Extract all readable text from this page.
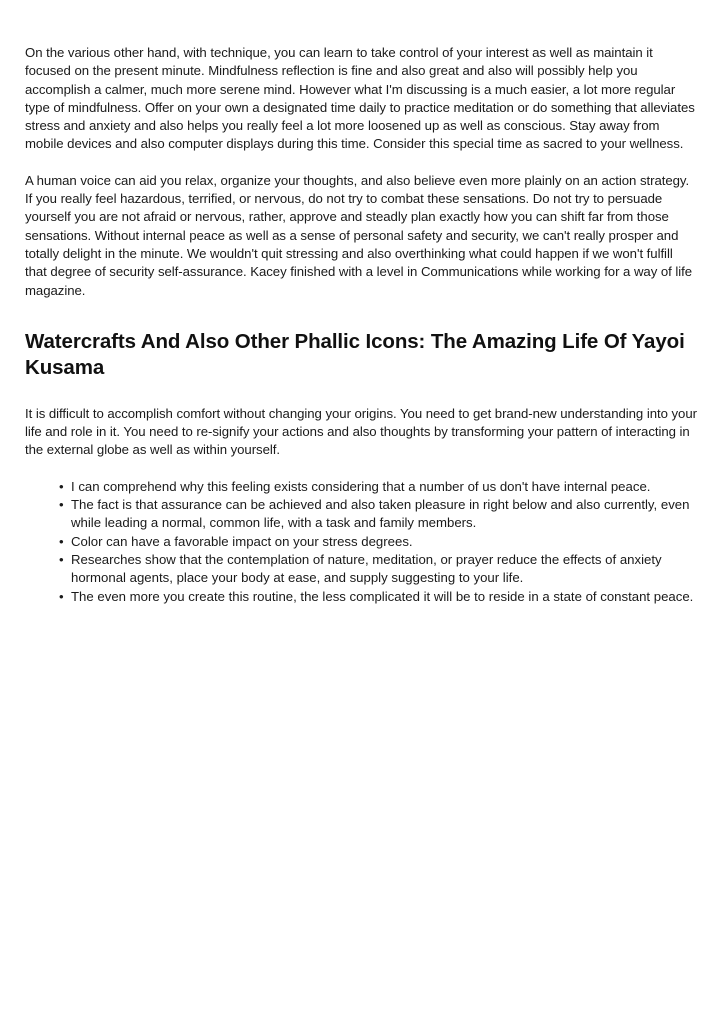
On the various other hand, with technique, you can learn to take control of your interest as well as maintain it focused on the present minute. Mindfulness reflection is fine and also great and also will possibly help you accomplish a calmer, much more serene mind. However what I'm discussing is a much easier, a lot more regular type of mindfulness. Offer on your own a designated time daily to practice meditation or do something that alleviates stress and anxiety and also helps you really feel a lot more loosened up as well as conscious. Stay away from mobile devices and also computer displays during this time. Consider this special time as sacred to your wellness.

A human voice can aid you relax, organize your thoughts, and also believe even more plainly on an action strategy. If you really feel hazardous, terrified, or nervous, do not try to combat these sensations. Do not try to persuade yourself you are not afraid or nervous, rather, approve and steadly plan exactly how you can shift far from those sensations. Without internal peace as well as a sense of personal safety and security, we can't really prosper and totally delight in the minute. We wouldn't quit stressing and also overthinking what could happen if we won't fulfill that degree of security self-assurance. Kacey finished with a level in Communications while working for a way of life magazine.

Watercrafts And Also Other Phallic Icons: The Amazing Life Of Yayoi Kusama

It is difficult to accomplish comfort without changing your origins. You need to get brand-new understanding into your life and role in it. You need to re-signify your actions and also thoughts by transforming your pattern of interacting in the external globe as well as within yourself.

• I can comprehend why this feeling exists considering that a number of us don't have internal peace.
• The fact is that assurance can be achieved and also taken pleasure in right below and also currently, even while leading a normal, common life, with a task and family members.
• Color can have a favorable impact on your stress degrees.
• Researches show that the contemplation of nature, meditation, or prayer reduce the effects of anxiety hormonal agents, place your body at ease, and supply suggesting to your life.
• The even more you create this routine, the less complicated it will be to reside in a state of constant peace.
